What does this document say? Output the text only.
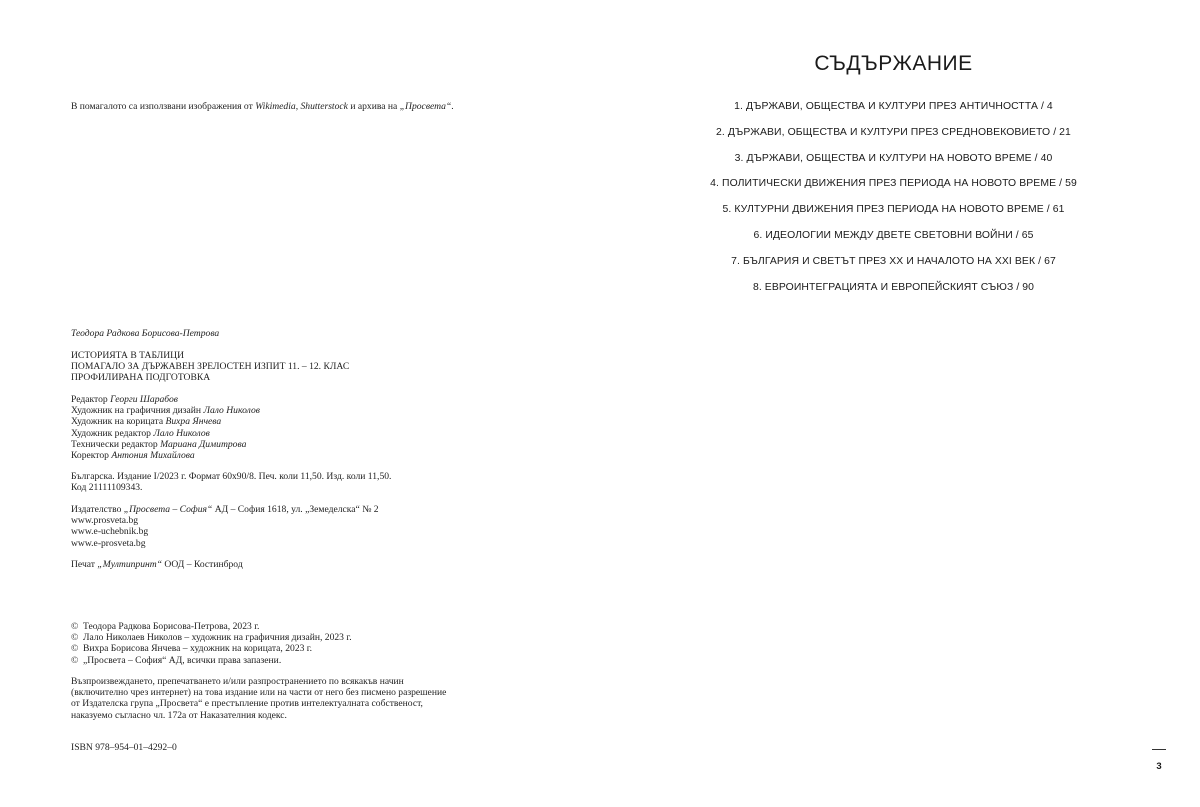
В помагалото са използвани изображения от Wikimedia, Shutterstock и архива на „Просвета“.
Теодора Радкова Борисова-Петрова
ИСТОРИЯТА В ТАБЛИЦИ
ПОМАГАЛО ЗА ДЪРЖАВЕН ЗРЕЛОСТЕН ИЗПИТ 11. – 12. КЛАС
ПРОФИЛИРАНА ПОДГОТОВКА
Редактор Георги Шарабов
Художник на графичния дизайн Лало Николов
Художник на корицата Вихра Янчева
Художник редактор Лало Николов
Технически редактор Мариана Димитрова
Коректор Антония Михайлова
Българска. Издание I/2023 г. Формат 60х90/8. Печ. коли 11,50. Изд. коли 11,50.
Код 21111109343.
Издателство „Просвета – София“ АД – София 1618, ул. „Земеделска“ № 2
www.prosveta.bg
www.e-uchebnik.bg
www.e-prosveta.bg
Печат „Мултипринт“ ООД – Костинброд
© Теодора Радкова Борисова-Петрова, 2023 г.
© Лало Николаев Николов – художник на графичния дизайн, 2023 г.
© Вихра Борисова Янчева – художник на корицата, 2023 г.
© „Просвета – София“ АД, всички права запазени.
Възпроизвеждането, препечатването и/или разпространението по всякакъв начин
(включително чрез интернет) на това издание или на части от него без писмено разрешение
от Издателска група „Просвета“ е престъпление против интелектуалната собственост,
наказуемо съгласно чл. 172а от Наказателния кодекс.
ISBN 978–954–01–4292–0
СЪДЪРЖАНИЕ
1. ДЪРЖАВИ, ОБЩЕСТВА И КУЛТУРИ ПРЕЗ АНТИЧНОСТТА / 4
2. ДЪРЖАВИ, ОБЩЕСТВА И КУЛТУРИ ПРЕЗ СРЕДНОВЕКОВИЕТО / 21
3. ДЪРЖАВИ, ОБЩЕСТВА И КУЛТУРИ НА НОВОТО ВРЕМЕ / 40
4. ПОЛИТИЧЕСКИ ДВИЖЕНИЯ ПРЕЗ ПЕРИОДА НА НОВОТО ВРЕМЕ / 59
5. КУЛТУРНИ ДВИЖЕНИЯ ПРЕЗ ПЕРИОДА НА НОВОТО ВРЕМЕ / 61
6. ИДЕОЛОГИИ МЕЖДУ ДВЕТЕ СВЕТОВНИ ВОЙНИ / 65
7. БЪЛГАРИЯ И СВЕТЪТ ПРЕЗ XX И НАЧАЛОТО НА XXI ВЕК / 67
8. ЕВРОИНТЕГРАЦИЯТА И ЕВРОПЕЙСКИЯТ СЪЮЗ / 90
3
